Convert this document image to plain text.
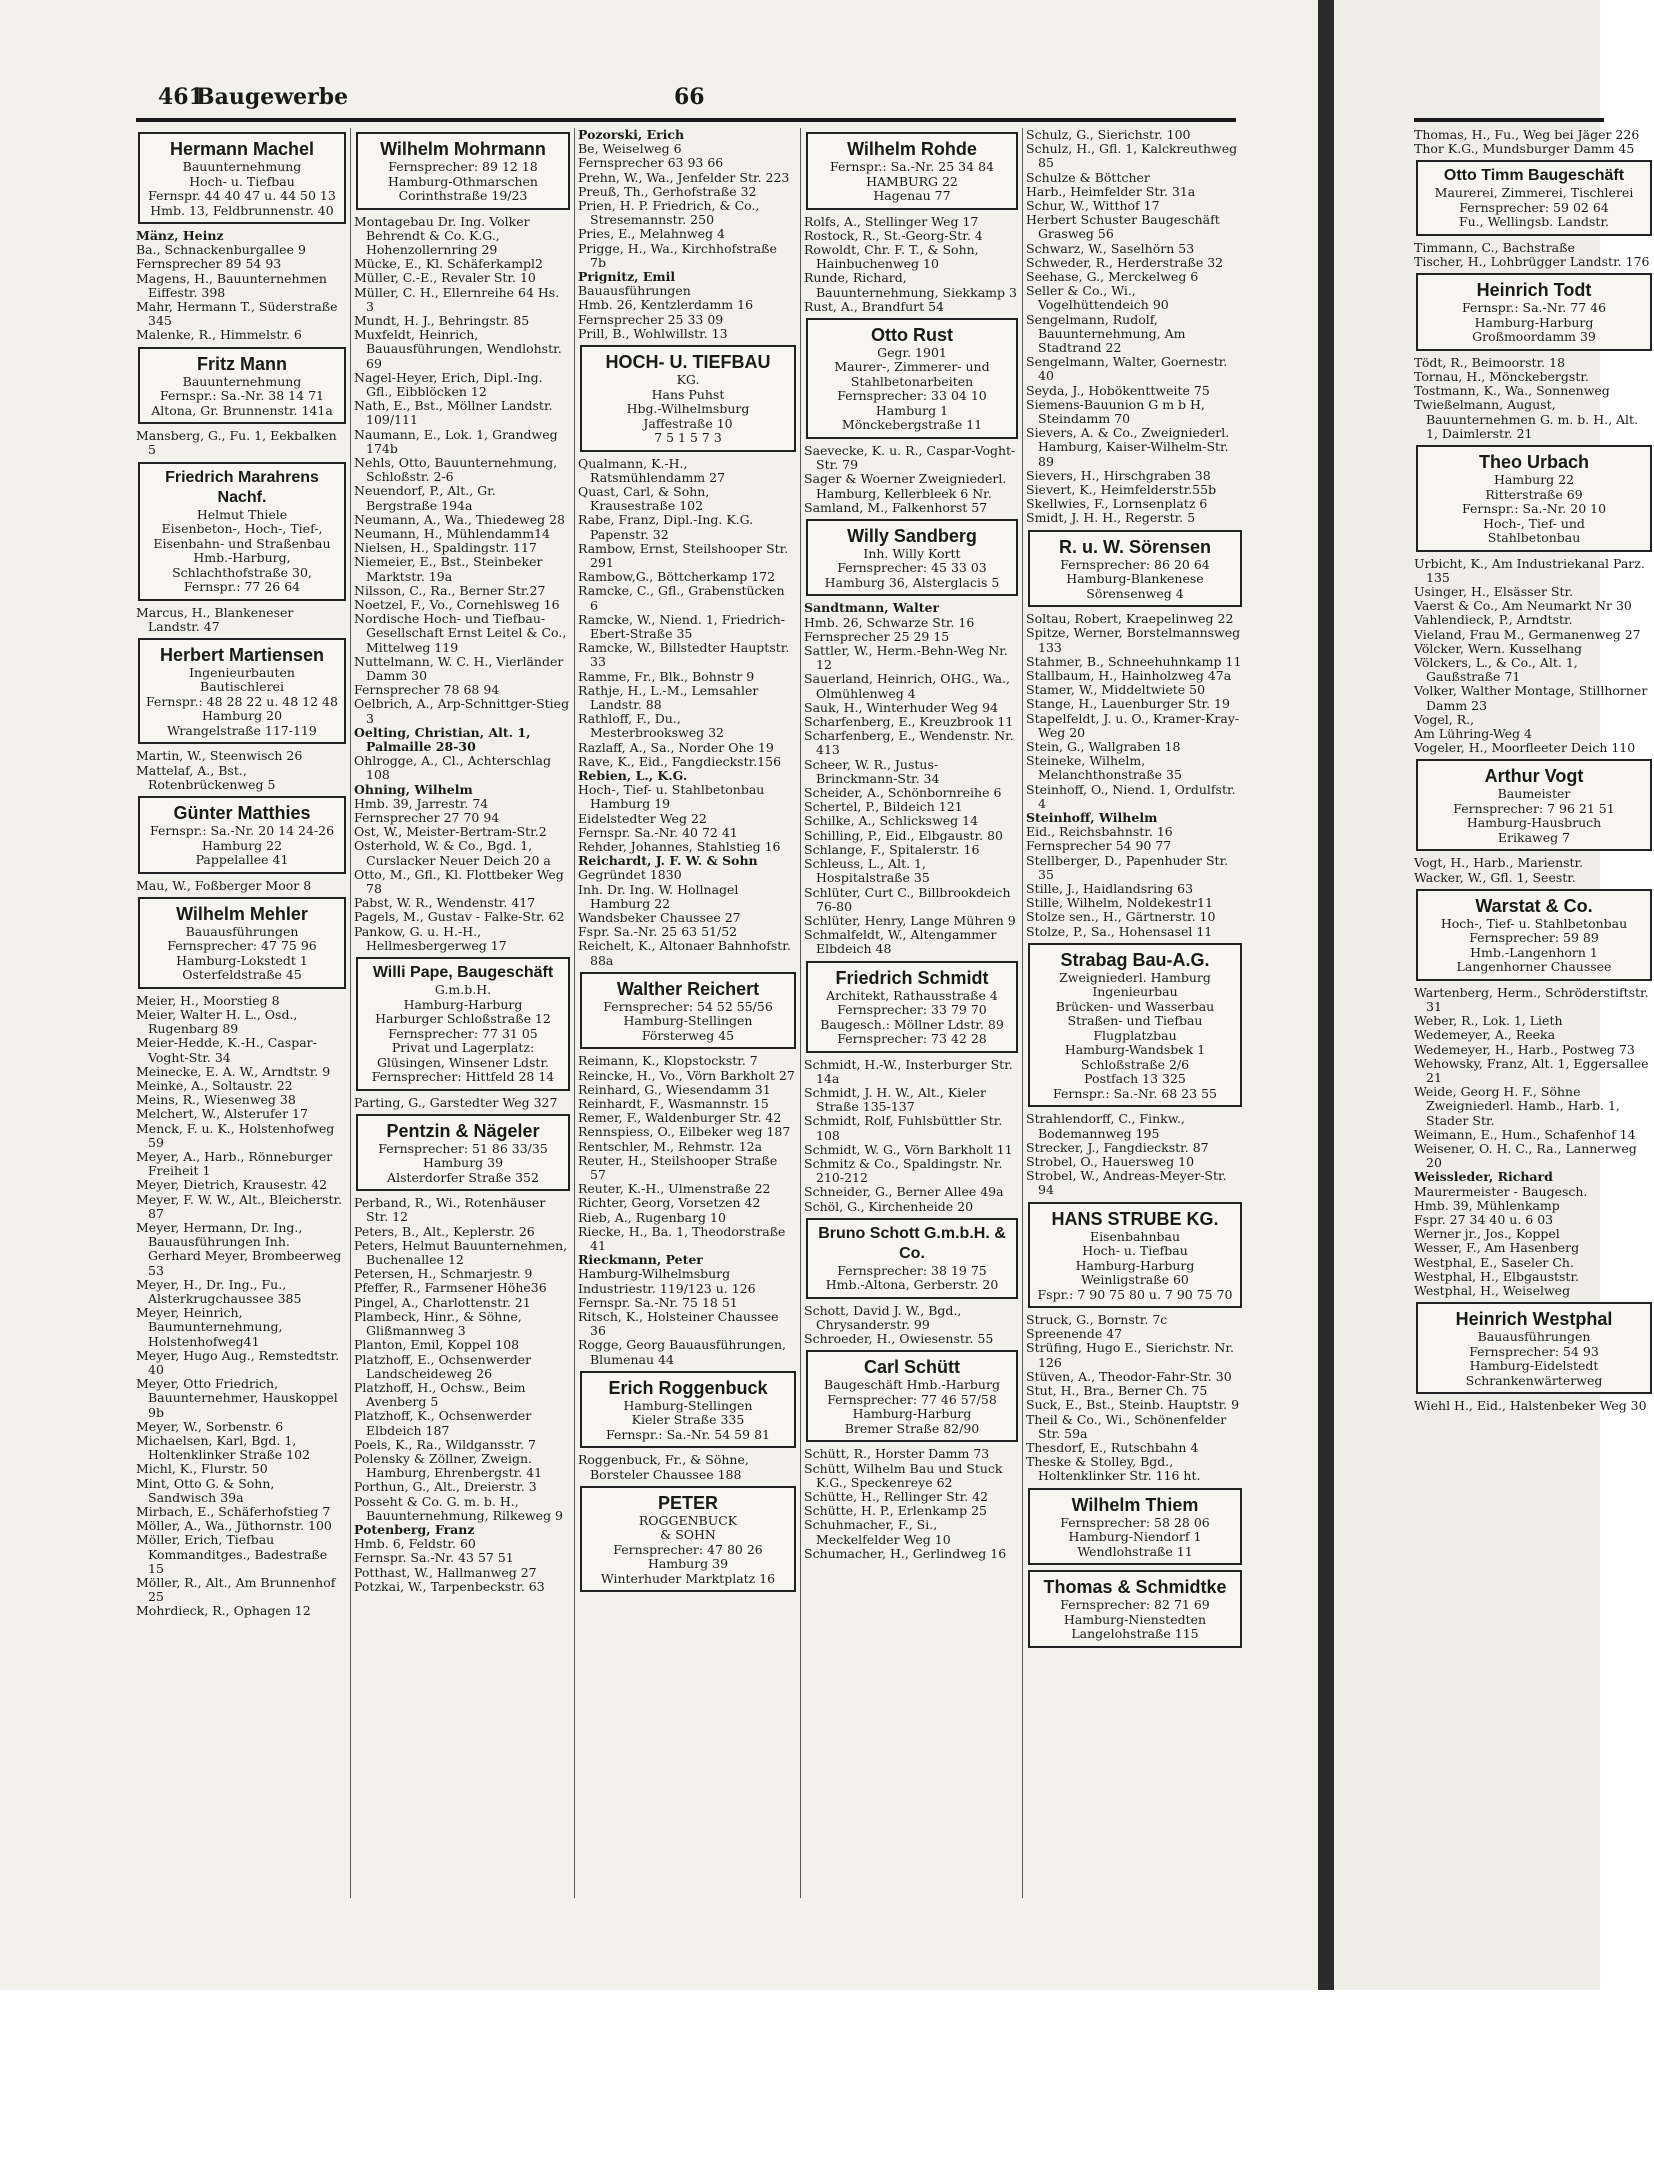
461
Baugewerbe	66
Hermann Machel
Bauunternehmung
Hoch- u. Tiefbau
Fernspr. 44 40 47 u. 44 50 13
Hmb. 13, Feldbrunnenstr. 40
Mänz, Heinz
Ba., Schnackenburgallee 9
Fernsprecher 89 54 93
Magens, H., Bauunternehmen Eiffestr. 398
Mahr, Hermann T., Süderstraße 345
Malenke, R., Himmelstr. 6
Fritz Mann
Bauunternehmung
Fernspr.: Sa.-Nr. 38 14 71
Altona, Gr. Brunnenstr. 141a
Mansberg, G., Fu. 1, Eekbalken 5
Friedrich Marahrens Nachf.
Helmut Thiele
Eisenbeton-, Hoch-, Tief-, Eisenbahn- und Straßenbau
Hmb.-Harburg, Schlachthofstraße 30, Fernspr.: 77 26 64
Marcus, H., Blankeneser Landstr. 47
Herbert Martiensen
Ingenieurbauten
Bautischlerei
Fernspr.: 48 28 22 u. 48 12 48
Hamburg 20
Wrangelstraße 117-119
Martin, W., Steenwisch 26
Mattelaf, A., Bst., Rotenbrückenweg 5
Günter Matthies
Fernspr.: Sa.-Nr. 20 14 24-26
Hamburg 22
Pappelallee 41
Mau, W., Foßberger Moor 8
Wilhelm Mehler
Bauausführungen
Fernsprecher: 47 75 96
Hamburg-Lokstedt 1
Osterfeldstraße 45
Meier, H., Moorstieg 8
Meier, Walter H. L., Osd., Rugenbarg 89
Meier-Hedde, K.-H., Caspar-Voght-Str. 34
Meinecke, E. A. W., Arndtstr. 9
Meinke, A., Soltaustr. 22
Meins, R., Wiesenweg 38
Melchert, W., Alsterufer 17
Menck, F. u. K., Holstenhofweg 59
Meyer, A., Harb., Rönneburger Freiheit 1
Meyer, Dietrich, Krausestr. 42
Meyer, F. W. W., Alt., Bleicherstr. 87
Meyer, Hermann, Dr. Ing., Bauausführungen Inh. Gerhard Meyer, Brombeerweg 53
Meyer, H., Dr. Ing., Fu., Alsterkrugchaussee 385
Meyer, Heinrich, Baumunternehmung, Holstenhofweg41
Meyer, Hugo Aug., Remstedtstr. 40
Meyer, Otto Friedrich, Bauunternehmer, Hauskoppel 9b
Meyer, W., Sorbenstr. 6
Michaelsen, Karl, Bgd. 1, Holtenklinker Straße 102
Michl, K., Flurstr. 50
Mint, Otto G. & Sohn, Sandwisch 39a
Mirbach, E., Schäferhofstieg 7
Möller, A., Wa., Jüthornstr. 100
Möller, Erich, Tiefbau Kommanditges., Badestraße 15
Möller, R., Alt., Am Brunnenhof 25
Mohrdieck, R., Ophagen 12
Wilhelm Mohrmann
Fernsprecher: 89 12 18
Hamburg-Othmarschen
Corinthstraße 19/23
Montagebau Dr. Ing. Volker Behrendt & Co. K.G., Hohenzollernring 29
Mücke, E., Kl. Schäferkampl2
Müller, C.-E., Revaler Str. 10
Müller, C. H., Ellernreihe 64 Hs. 3
Mundt, H. J., Behringstr. 85
Muxfeldt, Heinrich, Bauausführungen, Wendlohstr. 69
Nagel-Heyer, Erich, Dipl.-Ing. Gfl., Eibblöcken 12
Nath, E., Bst., Möllner Landstr. 109/111
Naumann, E., Lok. 1, Grandweg 174b
Nehls, Otto, Bauunternehmung, Schloßstr. 2-6
Neuendorf, P., Alt., Gr. Bergstraße 194a
Neumann, A., Wa., Thiedeweg 28
Neumann, H., Mühlendamm14
Nielsen, H., Spaldingstr. 117
Niemeier, E., Bst., Steinbeker Marktstr. 19a
Nilsson, C., Ra., Berner Str.27
Noetzel, F., Vo., Cornehlsweg 16
Nordische Hoch- und Tiefbau-Gesellschaft Ernst Leitel & Co., Mittelweg 119
Nuttelmann, W. C. H., Vierländer Damm 30
Fernsprecher 78 68 94
Oelbrich, A., Arp-Schnittger-Stieg 3
Oelting, Christian, Alt. 1, Palmaille 28-30
Ohlrogge, A., Cl., Achterschlag 108
Ohning, Wilhelm
Hmb. 39, Jarrestr. 74
Fernsprecher 27 70 94
Ost, W., Meister-Bertram-Str.2
Osterhold, W. & Co., Bgd. 1, Curslacker Neuer Deich 20 a
Otto, M., Gfl., Kl. Flottbeker Weg 78
Pabst, W. R., Wendenstr. 417
Pagels, M., Gustav - Falke-Str. 62
Pankow, G. u. H.-H., Hellmesbergerweg 17
Willi Pape, Baugeschäft
G.m.b.H.
Hamburg-Harburg
Harburger Schloßstraße 12
Fernsprecher: 77 31 05
Privat und Lagerplatz:
Glüsingen, Winsener Ldstr.
Fernsprecher: Hittfeld 28 14
Parting, G., Garstedter Weg 327
Pentzin & Nägeler
Fernsprecher: 51 86 33/35
Hamburg 39
Alsterdorfer Straße 352
Perband, R., Wi., Rotenhäuser Str. 12
Peters, B., Alt., Keplerstr. 26
Peters, Helmut Bauunternehmen, Buchenallee 12
Petersen, H., Schmarjestr. 9
Pfeffer, R., Farmsener Höhe36
Pingel, A., Charlottenstr. 21
Plambeck, Hinr., & Söhne, Glißmannweg 3
Planton, Emil, Koppel 108
Platzhoff, E., Ochsenwerder Landscheideweg 26
Platzhoff, H., Ochsw., Beim Avenberg 5
Platzhoff, K., Ochsenwerder Elbdeich 187
Poels, K., Ra., Wildgansstr. 7
Polensky & Zöllner, Zweign. Hamburg, Ehrenbergstr. 41
Porthun, G., Alt., Dreierstr. 3
Posseht & Co. G. m. b. H., Bauunternehmung, Rilkeweg 9
Potenberg, Franz
Hmb. 6, Feldstr. 60
Fernspr. Sa.-Nr. 43 57 51
Potthast, W., Hallmanweg 27
Potzkai, W., Tarpenbeckstr. 63
Pozorski, Erich
Be, Weiselweg 6
Fernsprecher 63 93 66
Prehn, W., Wa., Jenfelder Str. 223
Preuß, Th., Gerhofstraße 32
Prien, H. P. Friedrich, & Co., Stresemannstr. 250
Pries, E., Melahnweg 4
Prigge, H., Wa., Kirchhofstraße 7b
Prignitz, Emil
Bauausführungen
Hmb. 26, Kentzlerdamm 16
Fernsprecher 25 33 09
Prill, B., Wohlwillstr. 13
HOCH- U. TIEFBAU
KG.
Hans Puhst
Hbg.-Wilhelmsburg
Jaffestraße 10
7 5 1 5 7 3
Qualmann, K.-H., Ratsmühlendamm 27
Quast, Carl, & Sohn, Krausestraße 102
Rabe, Franz, Dipl.-Ing. K.G. Papenstr. 32
Rambow, Ernst, Steilshooper Str. 291
Rambow,G., Böttcherkamp 172
Ramcke, C., Gfl., Grabenstücken 6
Ramcke, W., Niend. 1, Friedrich-Ebert-Straße 35
Ramcke, W., Billstedter Hauptstr. 33
Ramme, Fr., Blk., Bohnstr 9
Rathje, H., L.-M., Lemsahler Landstr. 88
Rathloff, F., Du., Mesterbrooksweg 32
Razlaff, A., Sa., Norder Ohe 19
Rave, K., Eid., Fangdieckstr.156
Rebien, L., K.G.
Hoch-, Tief- u. Stahlbetonbau Hamburg 19
Eidelstedter Weg 22
Fernspr. Sa.-Nr. 40 72 41
Rehder, Johannes, Stahlstieg 16
Reichardt, J. F. W. & Sohn
Gegründet 1830
Inh. Dr. Ing. W. Hollnagel Hamburg 22
Wandsbeker Chaussee 27
Fspr. Sa.-Nr. 25 63 51/52
Reichelt, K., Altonaer Bahnhofstr. 88a
Walther Reichert
Fernsprecher: 54 52 55/56
Hamburg-Stellingen
Försterweg 45
Reimann, K., Klopstockstr. 7
Reincke, H., Vo., Vörn Barkholt 27
Reinhard, G., Wiesendamm 31
Reinhardt, F., Wasmannstr. 15
Remer, F., Waldenburger Str. 42
Rennspiess, O., Eilbeker weg 187
Rentschler, M., Rehmstr. 12a
Reuter, H., Steilshooper Straße 57
Reuter, K.-H., Ulmenstraße 22
Richter, Georg, Vorsetzen 42
Rieb, A., Rugenbarg 10
Riecke, H., Ba. 1, Theodorstraße 41
Rieckmann, Peter
Hamburg-Wilhelmsburg
Industriestr. 119/123 u. 126
Fernspr. Sa.-Nr. 75 18 51
Ritsch, K., Holsteiner Chaussee 36
Rogge, Georg Bauausführungen, Blumenau 44
Erich Roggenbuck
Hamburg-Stellingen
Kieler Straße 335
Fernspr.: Sa.-Nr. 54 59 81
Roggenbuck, Fr., & Söhne, Borsteler Chaussee 188
PETER
ROGGENBUCK
& SOHN
Fernsprecher: 47 80 26
Hamburg 39
Winterhuder Marktplatz 16
Wilhelm Rohde
Fernspr.: Sa.-Nr. 25 34 84
HAMBURG 22
Hagenau 77
Rolfs, A., Stellinger Weg 17
Rostock, R., St.-Georg-Str. 4
Rowoldt, Chr. F. T., & Sohn, Hainbuchenweg 10
Runde, Richard, Bauunternehmung, Siekkamp 3
Rust, A., Brandfurt 54
Otto Rust
Gegr. 1901
Maurer-, Zimmerer- und Stahlbetonarbeiten
Fernsprecher: 33 04 10
Hamburg 1
Mönckebergstraße 11
Saevecke, K. u. R., Caspar-Voght-Str. 79
Sager & Woerner Zweigniederl. Hamburg, Kellerbleek 6 Nr.
Samland, M., Falkenhorst 57
Willy Sandberg
Inh. Willy Kortt
Fernsprecher: 45 33 03
Hamburg 36, Alsterglacis 5
Sandtmann, Walter
Hmb. 26, Schwarze Str. 16
Fernsprecher 25 29 15
Sattler, W., Herm.-Behn-Weg Nr. 12
Sauerland, Heinrich, OHG., Wa., Olmühlenweg 4
Sauk, H., Winterhuder Weg 94
Scharfenberg, E., Kreuzbrook 11
Scharfenberg, E., Wendenstr. Nr. 413
Scheer, W. R., Justus-Brinckmann-Str. 34
Scheider, A., Schönbornreihe 6
Schertel, P., Bildeich 121
Schilke, A., Schlicksweg 14
Schilling, P., Eid., Elbgaustr. 80
Schlange, F., Spitalerstr. 16
Schleuss, L., Alt. 1, Hospitalstraße 35
Schlüter, Curt C., Billbrookdeich 76-80
Schlüter, Henry, Lange Mühren 9
Schmalfeldt, W., Altengammer Elbdeich 48
Friedrich Schmidt
Architekt, Rathausstraße 4
Fernsprecher: 33 79 70
Baugesch.: Möllner Ldstr. 89
Fernsprecher: 73 42 28
Schmidt, H.-W., Insterburger Str. 14a
Schmidt, J. H. W., Alt., Kieler Straße 135-137
Schmidt, Rolf, Fuhlsbüttler Str. 108
Schmidt, W. G., Vörn Barkholt 11
Schmitz & Co., Spaldingstr. Nr. 210-212
Schneider, G., Berner Allee 49a
Schöl, G., Kirchenheide 20
Bruno Schott G.m.b.H. & Co.
Fernsprecher: 38 19 75
Hmb.-Altona, Gerberstr. 20
Schott, David J. W., Bgd., Chrysanderstr. 99
Schroeder, H., Owiesenstr. 55
Carl Schütt
Baugeschäft Hmb.-Harburg
Fernsprecher: 77 46 57/58
Hamburg-Harburg
Bremer Straße 82/90
Schütt, R., Horster Damm 73
Schütt, Wilhelm Bau und Stuck K.G., Speckenreye 62
Schütte, H., Rellinger Str. 42
Schütte, H. P., Erlenkamp 25
Schuhmacher, F., Si., Meckelfelder Weg 10
Schumacher, H., Gerlindweg 16
Schulz, G., Sierichstr. 100
Schulz, H., Gfl. 1, Kalckreuthweg 85
Schulze & Böttcher
Harb., Heimfelder Str. 31a
Schur, W., Witthof 17
Herbert Schuster Baugeschäft Grasweg 56
Schwarz, W., Saselhörn 53
Schweder, R., Herderstraße 32
Seehase, G., Merckelweg 6
Seller & Co., Wi., Vogelhüttendeich 90
Sengelmann, Rudolf, Bauunternehmung, Am Stadtrand 22
Sengelmann, Walter, Goernestr. 40
Seyda, J., Hobökenttweite 75
Siemens-Bauunion G m b H, Steindamm 70
Sievers, A. & Co., Zweigniederl. Hamburg, Kaiser-Wilhelm-Str. 89
Sievers, H., Hirschgraben 38
Sievert, K., Heimfelderstr.55b
Skellwies, F., Lornsenplatz 6
Smidt, J. H. H., Regerstr. 5
R. u. W. Sörensen
Fernsprecher: 86 20 64
Hamburg-Blankenese
Sörensenweg 4
Soltau, Robert, Kraepelinweg 22
Spitze, Werner, Borstelmannsweg 133
Stahmer, B., Schneehuhnkamp 11
Stallbaum, H., Hainholzweg 47a
Stamer, W., Middeltwiete 50
Stange, H., Lauenburger Str. 19
Stapelfeldt, J. u. O., Kramer-Kray-Weg 20
Stein, G., Wallgraben 18
Steineke, Wilhelm, Melanchthonstraße 35
Steinhoff, O., Niend. 1, Ordulfstr. 4
Steinhoff, Wilhelm
Eid., Reichsbahnstr. 16
Fernsprecher 54 90 77
Stellberger, D., Papenhuder Str. 35
Stille, J., Haidlandsring 63
Stille, Wilhelm, Noldekestr11
Stolze sen., H., Gärtnerstr. 10
Stolze, P., Sa., Hohensasel 11
Strabag Bau-A.G.
Zweigniederl. Hamburg
Ingenieurbau
Brücken- und Wasserbau
Straßen- und Tiefbau
Flugplatzbau
Hamburg-Wandsbek 1
Schloßstraße 2/6
Postfach 13 325
Fernspr.: Sa.-Nr. 68 23 55
Strahlendorff, C., Finkw., Bodemannweg 195
Strecker, J., Fangdieckstr. 87
Strobel, O., Hauersweg 10
Strobel, W., Andreas-Meyer-Str. 94
HANS STRUBE KG.
Eisenbahnbau
Hoch- u. Tiefbau
Hamburg-Harburg
Weinligstraße 60
Fspr.: 7 90 75 80 u. 7 90 75 70
Struck, G., Bornstr. 7c
Spreenende 47
Strüfing, Hugo E., Sierichstr. Nr. 126
Stüven, A., Theodor-Fahr-Str. 30
Stut, H., Bra., Berner Ch. 75
Suck, E., Bst., Steinb. Hauptstr. 9
Theil & Co., Wi., Schönenfelder Str. 59a
Thesdorf, E., Rutschbahn 4
Theske & Stolley, Bgd., Holtenklinker Str. 116 ht.
Wilhelm Thiem
Fernsprecher: 58 28 06
Hamburg-Niendorf 1
Wendlohstraße 11
Thomas & Schmidtke
Fernsprecher: 82 71 69
Hamburg-Nienstedten
Langelohstraße 115
Thomas, H., Fu., Weg bei Jäger 226
Thor K.G., Mundsburger Damm 45
Otto Timm Baugeschäft
Maurerei, Zimmerei, Tischlerei
Fernsprecher: 59 02 64
Fu., Wellingsb. Landstr.
Timmann, C., Bachstraße
Tischer, H., Lohbrügger Landstr. 176
Heinrich Todt
Fernspr.: Sa.-Nr. 77 46
Hamburg-Harburg
Großmoordamm 39
Tödt, R., Beimoorstr. 18
Tornau, H., Mönckebergstr.
Tostmann, K., Wa., Sonnenweg
Twießelmann, August, Bauunternehmen G. m. b. H., Alt. 1, Daimlerstr. 21
Theo Urbach
Hamburg 22
Ritterstraße 69
Fernspr.: Sa.-Nr. 20 10
Hoch-, Tief- und
Stahlbetonbau
Urbicht, K., Am Industriekanal Parz. 135
Usinger, H., Elsässer Str.
Vaerst & Co., Am Neumarkt Nr 30
Vahlendieck, P., Arndtstr.
Vieland, Frau M., Germanenweg 27
Völcker, Wern. Kusselhang
Völckers, L., & Co., Alt. 1, Gaußstraße 71
Volker, Walther Montage, Stillhorner Damm 23
Vogel, R.,
Am Lühring-Weg 4
Vogeler, H., Moorfleeter Deich 110
Arthur Vogt
Baumeister
Fernsprecher: 7 96 21 51
Hamburg-Hausbruch
Erikaweg 7
Vogt, H., Harb., Marienstr.
Wacker, W., Gfl. 1, Seestr.
Warstat & Co.
Hoch-, Tief- u. Stahlbetonbau
Fernsprecher: 59 89
Hmb.-Langenhorn 1
Langenhorner Chaussee
Wartenberg, Herm., Schröderstiftstr. 31
Weber, R., Lok. 1, Lieth
Wedemeyer, A., Reeka
Wedemeyer, H., Harb., Postweg 73
Wehowsky, Franz, Alt. 1, Eggersallee 21
Weide, Georg H. F., Söhne Zweigniederl. Hamb., Harb. 1, Stader Str.
Weimann, E., Hum., Schafenhof 14
Weisener, O. H. C., Ra., Lannerweg 20
Weissleder, Richard
Maurermeister - Baugesch.
Hmb. 39, Mühlenkamp
Fspr. 27 34 40 u. 6 03
Werner jr., Jos., Koppel
Wesser, F., Am Hasenberg
Westphal, E., Saseler Ch.
Westphal, H., Elbgauststr.
Westphal, H., Weiselweg
Heinrich Westphal
Bauausführungen
Fernsprecher: 54 93
Hamburg-Eidelstedt
Schrankenwärterweg
Wiehl H., Eid., Halstenbeker Weg 30
